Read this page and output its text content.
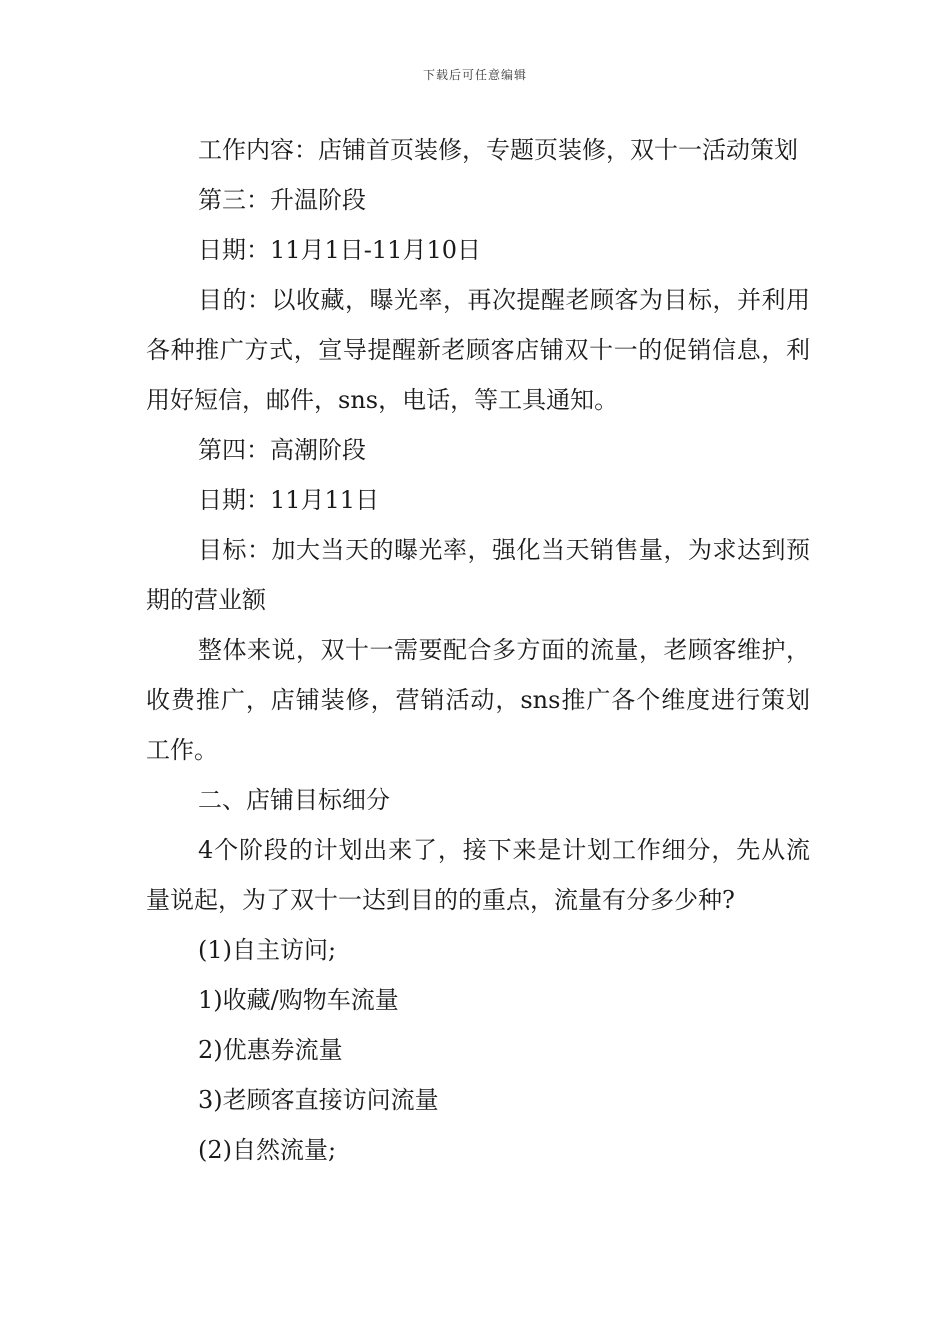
下载后可任意编辑

工作内容：店铺首页装修，专题页装修，双十一活动策划

第三：升温阶段

日期：11月1日-11月10日

目的：以收藏，曝光率，再次提醒老顾客为目标，并利用各种推广方式，宣导提醒新老顾客店铺双十一的促销信息，利用好短信，邮件，sns，电话，等工具通知。

第四：高潮阶段

日期：11月11日

目标：加大当天的曝光率，强化当天销售量，为求达到预期的营业额

整体来说，双十一需要配合多方面的流量，老顾客维护，收费推广，店铺装修，营销活动，sns推广各个维度进行策划工作。

二、店铺目标细分

4个阶段的计划出来了，接下来是计划工作细分，先从流量说起，为了双十一达到目的的重点，流量有分多少种?

(1)自主访问;

1)收藏/购物车流量

2)优惠券流量

3)老顾客直接访问流量

(2)自然流量;
